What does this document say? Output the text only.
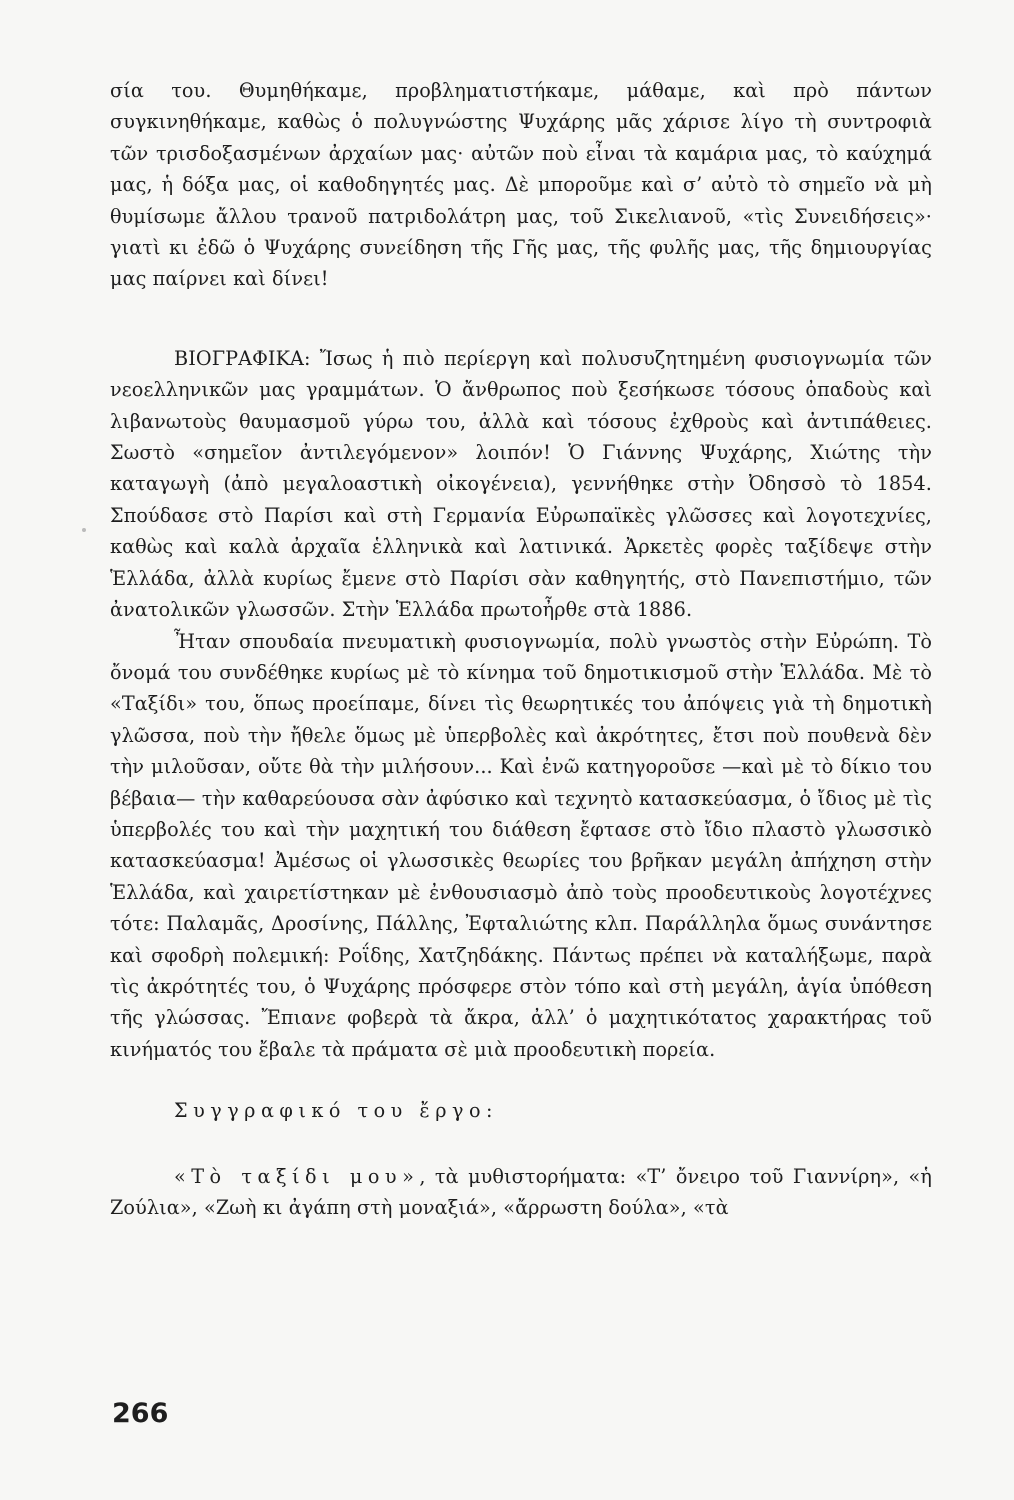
σία του. Θυμηθήκαμε, προβληματιστήκαμε, μάθαμε, καὶ πρὸ πάντων συγκινηθήκαμε, καθὼς ὁ πολυγνώστης Ψυχάρης μᾶς χάρισε λίγο τὴ συντροφιὰ τῶν τρισδοξασμένων ἀρχαίων μας· αὐτῶν ποὺ εἶναι τὰ καμάρια μας, τὸ καύχημά μας, ἡ δόξα μας, οἱ καθοδηγητές μας. Δὲ μποροῦμε καὶ σ’ αὐτὸ τὸ σημεῖο νὰ μὴ θυμίσωμε ἄλλου τρανοῦ πατριδολάτρη μας, τοῦ Σικελιανοῦ, «τὶς Συνειδήσεις»· γιατὶ κι ἐδῶ ὁ Ψυχάρης συνείδηση τῆς Γῆς μας, τῆς φυλῆς μας, τῆς δημιουργίας μας παίρνει καὶ δίνει!

ΒΙΟΓΡΑΦΙΚΑ: Ἴσως ἡ πιὸ περίεργη καὶ πολυσυζητημένη φυσιογνωμία τῶν νεοελληνικῶν μας γραμμάτων. Ὁ ἄνθρωπος ποὺ ξεσήκωσε τόσους ὀπαδοὺς καὶ λιβανωτοὺς θαυμασμοῦ γύρω του, ἀλλὰ καὶ τόσους ἐχθροὺς καὶ ἀντιπάθειες. Σωστὸ «σημεῖον ἀντιλεγόμενον» λοιπόν! Ὁ Γιάννης Ψυχάρης, Χιώτης τὴν καταγωγὴ (ἀπὸ μεγαλοαστικὴ οἰκογένεια), γεννήθηκε στὴν Ὀδησσὸ τὸ 1854. Σπούδασε στὸ Παρίσι καὶ στὴ Γερμανία Εὐρωπαϊκὲς γλῶσσες καὶ λογοτεχνίες, καθὼς καὶ καλὰ ἀρχαῖα ἑλληνικὰ καὶ λατινικά. Ἀρκετὲς φορὲς ταξίδεψε στὴν Ἑλλάδα, ἀλλὰ κυρίως ἔμενε στὸ Παρίσι σὰν καθηγητής, στὸ Πανεπιστήμιο, τῶν ἀνατολικῶν γλωσσῶν. Στὴν Ἑλλάδα πρωτοἦρθε στὰ 1886.

Ἦταν σπουδαία πνευματικὴ φυσιογνωμία, πολὺ γνωστὸς στὴν Εὐρώπη. Τὸ ὄνομά του συνδέθηκε κυρίως μὲ τὸ κίνημα τοῦ δημοτικισμοῦ στὴν Ἑλλάδα. Μὲ τὸ «Ταξίδι» του, ὅπως προείπαμε, δίνει τὶς θεωρητικές του ἀπόψεις γιὰ τὴ δημοτικὴ γλῶσσα, ποὺ τὴν ἤθελε ὅμως μὲ ὑπερβολὲς καὶ ἀκρότητες, ἔτσι ποὺ πουθενὰ δὲν τὴν μιλοῦσαν, οὔτε θὰ τὴν μιλήσουν... Καὶ ἐνῶ κατηγοροῦσε —καὶ μὲ τὸ δίκιο του βέβαια— τὴν καθαρεύουσα σὰν ἀφύσικο καὶ τεχνητὸ κατασκεύασμα, ὁ ἴδιος μὲ τὶς ὑπερβολές του καὶ τὴν μαχητική του διάθεση ἔφτασε στὸ ἴδιο πλαστὸ γλωσσικὸ κατασκεύασμα! Ἀμέσως οἱ γλωσσικὲς θεωρίες του βρῆκαν μεγάλη ἀπήχηση στὴν Ἑλλάδα, καὶ χαιρετίστηκαν μὲ ἐνθουσιασμὸ ἀπὸ τοὺς προοδευτικοὺς λογοτέχνες τότε: Παλαμᾶς, Δροσίνης, Πάλλης, Ἐφταλιώτης κλπ. Παράλληλα ὅμως συνάντησε καὶ σφοδρὴ πολεμική: Ροΐδης, Χατζηδάκης. Πάντως πρέπει νὰ καταλήξωμε, παρὰ τὶς ἀκρότητές του, ὁ Ψυχάρης πρόσφερε στὸν τόπο καὶ στὴ μεγάλη, ἁγία ὑπόθεση τῆς γλώσσας. Ἔπιανε φοβερὰ τὰ ἄκρα, ἀλλ’ ὁ μαχητικότατος χαρακτήρας τοῦ κινήματός του ἔβαλε τὰ πράματα σὲ μιὰ προοδευτικὴ πορεία.

Συγγραφικό του ἔργο:

«Τὸ ταξίδι μου», τὰ μυθιστορήματα: «Τ’ ὄνειρο τοῦ Γιαννίρη», «ἡ Ζούλια», «Ζωὴ κι ἀγάπη στὴ μοναξιά», «ἄρρωστη δούλα», «τὰ

266
